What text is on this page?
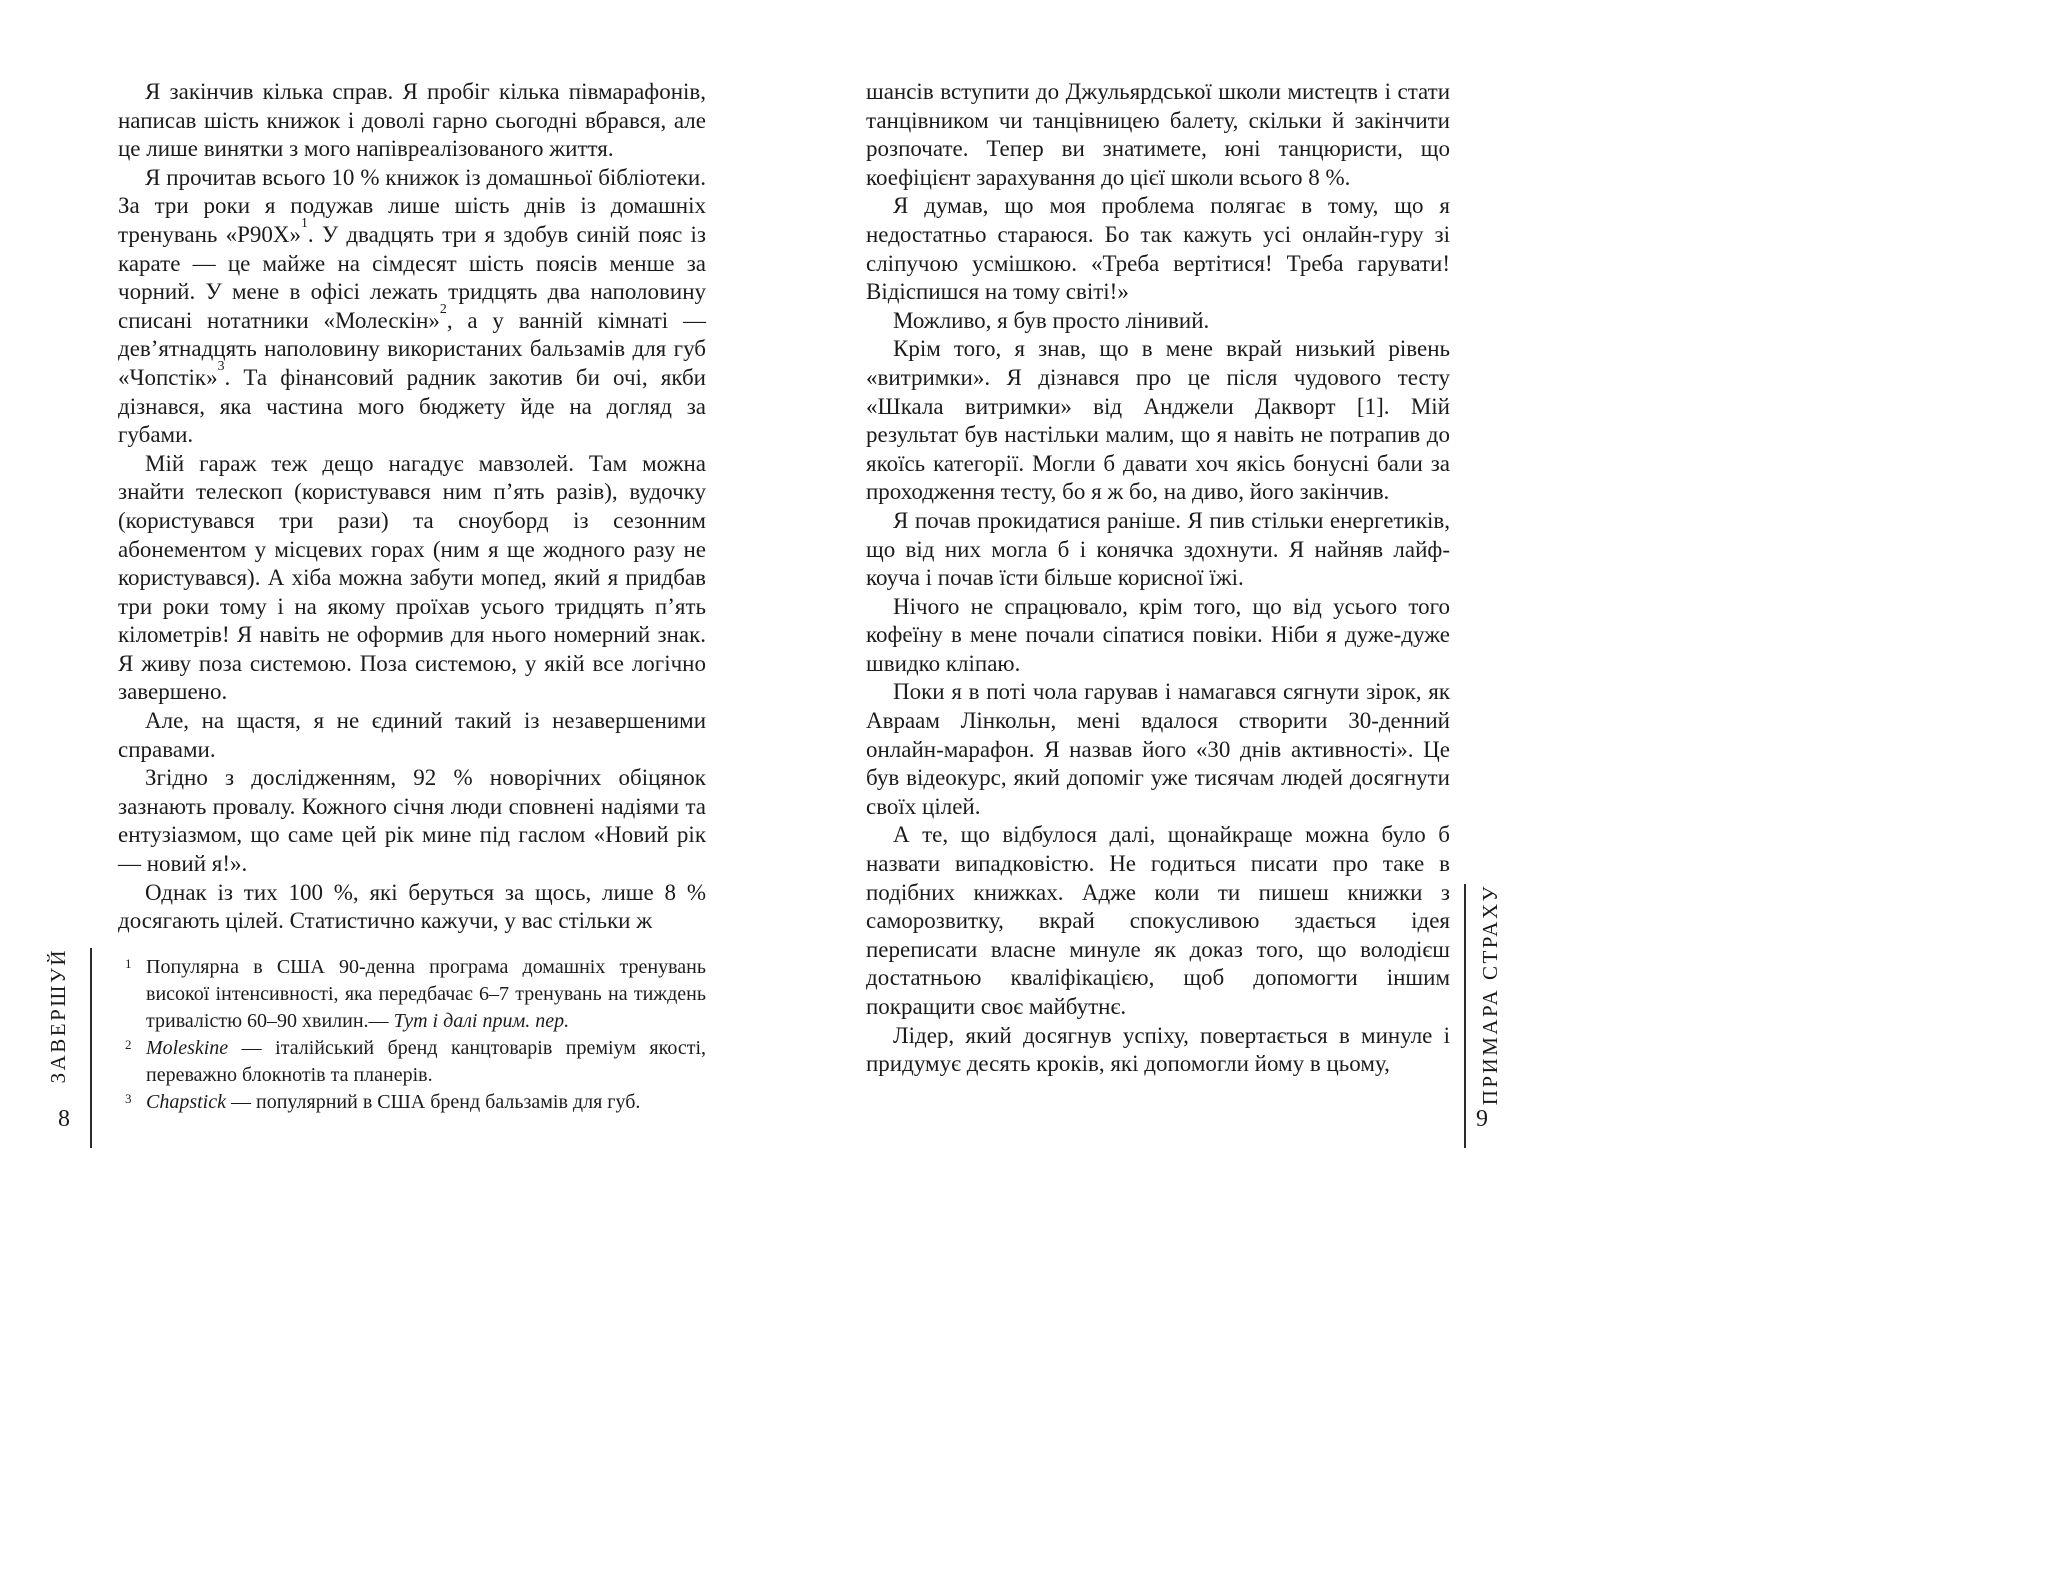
Я закінчив кілька справ. Я пробіг кілька півмарафонів, написав шість книжок і доволі гарно сьогодні вбрався, але це лише винятки з мого напівреалізованого життя.

Я прочитав всього 10 % книжок із домашньої бібліотеки. За три роки я подужав лише шість днів із домашніх тренувань «P90X»$^1$. У двадцять три я здобув синій пояс із карате — це майже на сімдесят шість поясів менше за чорний. У мене в офісі лежать тридцять два наполовину списані нотатники «Молескін»$^2$, а у ванній кімнаті — дев’ятнадцять наполовину використаних бальзамів для губ «Чопстік»$^3$. Та фінансовий радник закотив би очі, якби дізнався, яка частина мого бюджету йде на догляд за губами.

Мій гараж теж дещо нагадує мавзолей. Там можна знайти телескоп (користувався ним п’ять разів), вудочку (користувався три рази) та сноуборд із сезонним абонементом у місцевих горах (ним я ще жодного разу не користувався). А хіба можна забути мопед, який я придбав три роки тому і на якому проїхав усього тридцять п’ять кілометрів! Я навіть не оформив для нього номерний знак. Я живу поза системою. Поза системою, у якій все логічно завершено.

Але, на щастя, я не єдиний такий із незавершеними справами.

Згідно з дослідженням, 92 % новорічних обіцянок зазнають провалу. Кожного січня люди сповнені надіями та ентузіазмом, що саме цей рік мине під гаслом «Новий рік — новий я!».

Однак із тих 100 %, які беруться за щось, лише 8 % досягають цілей. Статистично кажучи, у вас стільки ж

1 Популярна в США 90-денна програма домашніх тренувань високої інтенсивності, яка передбачає 6–7 тренувань на тиждень тривалістю 60–90 хвилин.— Тут і далі прим. пер.
2 Moleskine — італійський бренд канцтоварів преміум якості, переважно блокнотів та планерів.
3 Chapstick — популярний в США бренд бальзамів для губ.
ЗАВЕРШУЙ
8

шансів вступити до Джульярдської школи мистецтв і стати танцівником чи танцівницею балету, скільки й закінчити розпочате. Тепер ви знатимете, юні танцюристи, що коефіцієнт зарахування до цієї школи всього 8 %.

Я думав, що моя проблема полягає в тому, що я недостатньо стараюся. Бо так кажуть усі онлайн-гуру зі сліпучою усмішкою. «Треба вертітися! Треба гарувати! Відіспишся на тому світі!»

Можливо, я був просто лінивий.

Крім того, я знав, що в мене вкрай низький рівень «витримки». Я дізнався про це після чудового тесту «Шкала витримки» від Анджели Дакворт [1]. Мій результат був настільки малим, що я навіть не потрапив до якоїсь категорії. Могли б давати хоч якісь бонусні бали за проходження тесту, бо я ж бо, на диво, його закінчив.

Я почав прокидатися раніше. Я пив стільки енергетиків, що від них могла б і конячка здохнути. Я найняв лайф-коуча і почав їсти більше корисної їжі.

Нічого не спрацювало, крім того, що від усього того кофеїну в мене почали сіпатися повіки. Ніби я дуже-дуже швидко кліпаю.

Поки я в поті чола гарував і намагався сягнути зірок, як Авраам Лінкольн, мені вдалося створити 30-денний онлайн-марафон. Я назвав його «30 днів активності». Це був відеокурс, який допоміг уже тисячам людей досягнути своїх цілей.

А те, що відбулося далі, щонайкраще можна було б назвати випадковістю. Не годиться писати про таке в подібних книжках. Адже коли ти пишеш книжки з саморозвитку, вкрай спокусливою здається ідея переписати власне минуле як доказ того, що володієш достатньою кваліфікацією, щоб допомогти іншим покращити своє майбутнє.

Лідер, який досягнув успіху, повертається в минуле і придумує десять кроків, які допомогли йому в цьому,	ПРИМАРА СТРАХУ
9
